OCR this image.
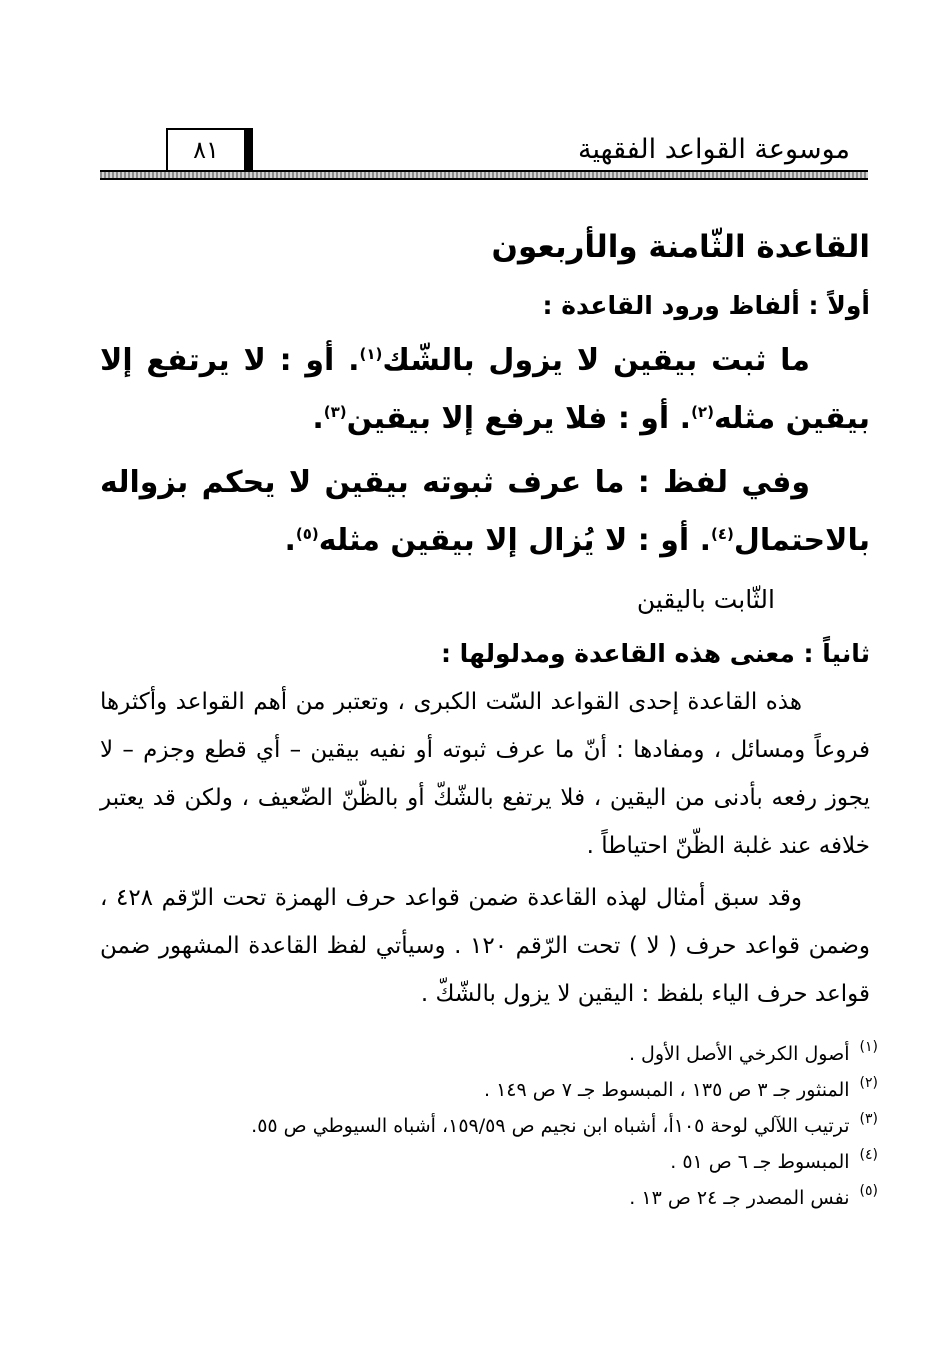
موسوعة القواعد الفقهية
٨١
القاعدة الثّامنة والأربعون
أولاً : ألفاظ ورود القاعدة :

ما ثبت بيقين لا يزول بالشّك$^{(١)}$. أو : لا يرتفع إلا بيقين مثله$^{(٢)}$. أو : فلا يرفع إلا بيقين$^{(٣)}$.

وفي لفظ : ما عرف ثبوته بيقين لا يحكم بزواله بالاحتمال$^{(٤)}$. أو : لا يُزال إلا بيقين مثله$^{(٥)}$.

الثّابت باليقين
ثانياً : معنى هذه القاعدة ومدلولها :

هذه القاعدة إحدى القواعد السّت الكبرى ، وتعتبر من أهم القواعد وأكثرها فروعاً ومسائل ، ومفادها : أنّ ما عرف ثبوته أو نفيه بيقين – أي قطع وجزم – لا يجوز رفعه بأدنى من اليقين ، فلا يرتفع بالشّكّ أو بالظّنّ الضّعيف ، ولكن قد يعتبر خلافه عند غلبة الظّنّ احتياطاً .

وقد سبق أمثال لهذه القاعدة ضمن قواعد حرف الهمزة تحت الرّقم ٤٢٨ ، وضمن قواعد حرف ( لا ) تحت الرّقم ١٢٠ . وسيأتي لفظ القاعدة المشهور ضمن قواعد حرف الياء بلفظ : اليقين لا يزول بالشّكّ .

(١)أصول الكرخي الأصل الأول .
(٢)المنثور جـ ٣ ص ١٣٥ ، المبسوط جـ ٧ ص ١٤٩ .
(٣)ترتيب اللآلي لوحة ١٠٥أ، أشباه ابن نجيم ص ١٥٩/٥٩، أشباه السيوطي ص ٥٥.
(٤)المبسوط جـ ٦ ص ٥١ .
(٥)نفس المصدر جـ ٢٤ ص ١٣ .
